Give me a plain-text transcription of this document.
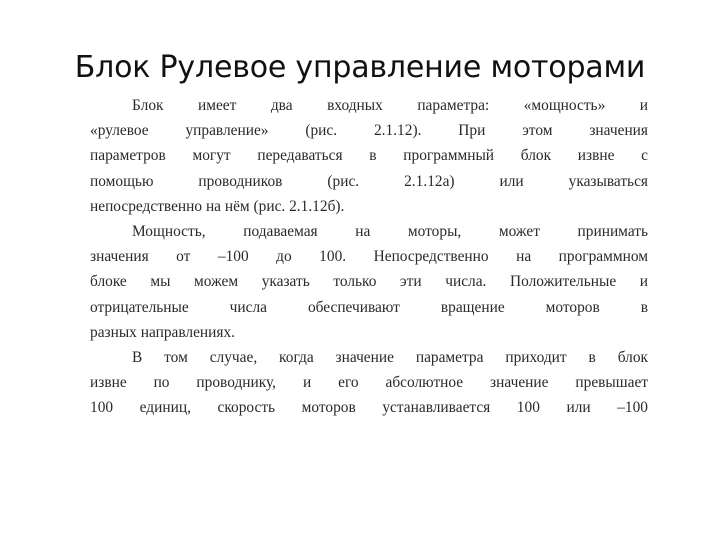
Блок Рулевое управление моторами
Блок имеет два входных параметра: «мощность» и
«рулевое управление» (рис. 2.1.12). При этом значения
параметров могут передаваться в программный блок извне с
помощью проводников (рис. 2.1.12а) или указываться
непосредственно на нём (рис. 2.1.12б).
Мощность, подаваемая на моторы, может принимать
значения от –100 до 100. Непосредственно на программном
блоке мы можем указать только эти числа. Положительные и
отрицательные числа обеспечивают вращение моторов в
разных направлениях.
В том случае, когда значение параметра приходит в блок
извне по проводнику, и его абсолютное значение превышает
100 единиц, скорость моторов устанавливается 100 или –100
